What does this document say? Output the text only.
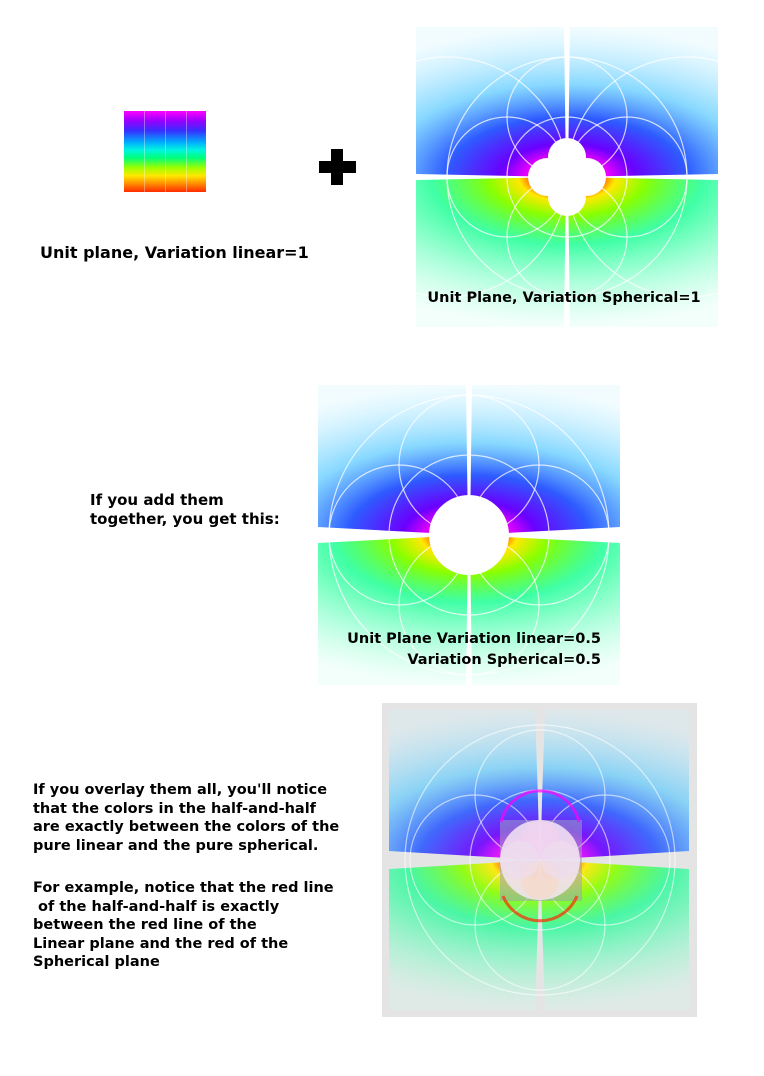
Unit plane, Variation linear=1
Unit Plane, Variation Spherical=1
If you add them
together, you get this:
Unit Plane Variation linear=0.5
Variation Spherical=0.5
If you overlay them all, you'll notice
that the colors in the half-and-half
are exactly between the colors of the
pure linear and the pure spherical.
For example, notice that the red line
of the half-and-half is exactly
between the red line of the
Linear plane and the red of the
Spherical plane
